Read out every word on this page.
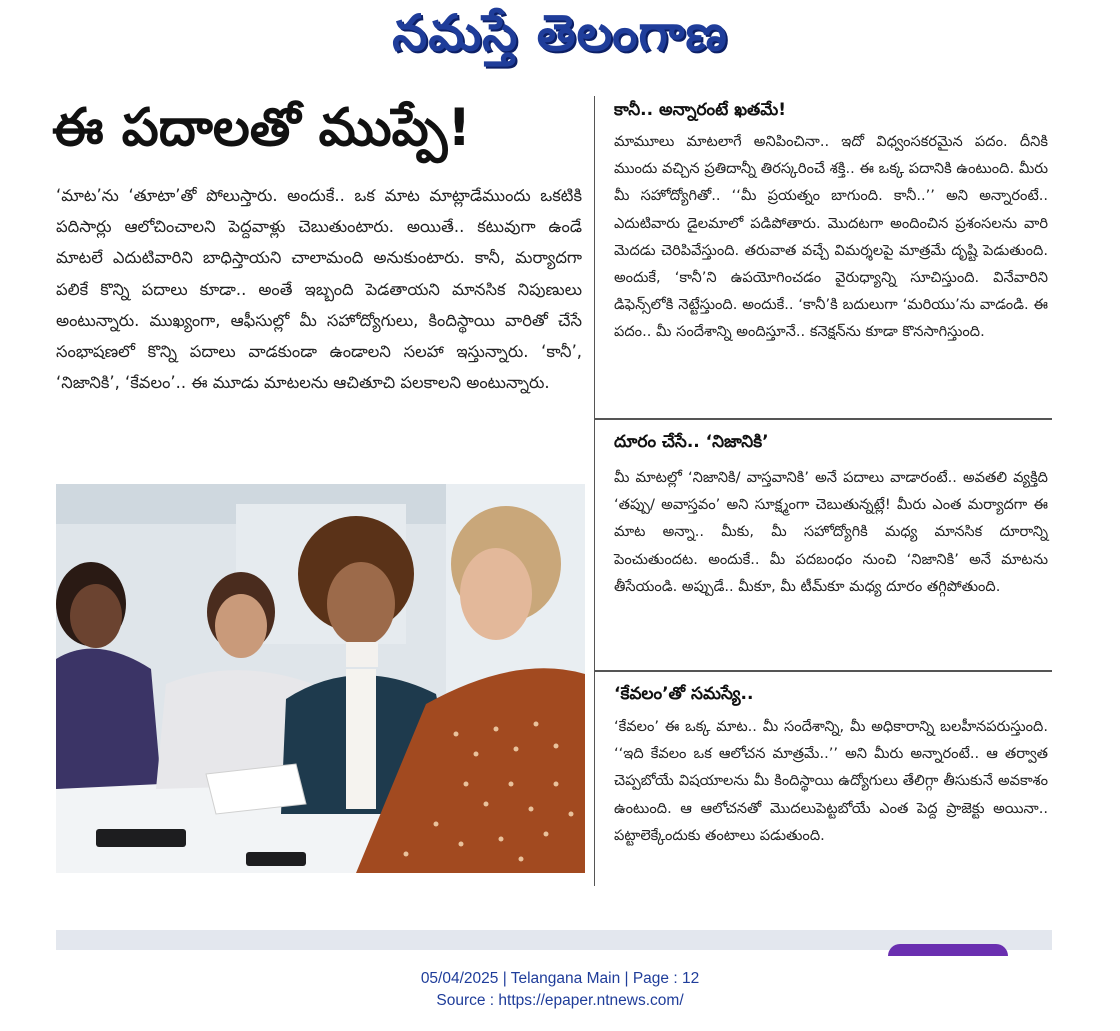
నమస్తే తెలంగాణ
ఈ పదాలతో ముప్పే!
‘మాట’ను ‘తూటా’తో పోలుస్తారు. అందుకే.. ఒక మాట మాట్లాడేముందు ఒకటికి పదిసార్లు ఆలోచించాలని పెద్దవాళ్లు చెబుతుంటారు. అయితే.. కటువుగా ఉండే మాటలే ఎదుటివారిని బాధిస్తాయని చాలామంది అనుకుంటారు. కానీ, మర్యాదగా పలికే కొన్ని పదాలు కూడా.. అంతే ఇబ్బంది పెడతాయని మానసిక నిపుణులు అంటున్నారు. ముఖ్యంగా, ఆఫీసుల్లో మీ సహోద్యోగులు, కిందిస్థాయి వారితో చేసే సంభాషణలో కొన్ని పదాలు వాడకుండా ఉండాలని సలహా ఇస్తున్నారు. ‘కానీ’, ‘నిజానికి’, ‘కేవలం’.. ఈ మూడు మాటలను ఆచితూచి పలకాలని అంటున్నారు.
కానీ.. అన్నారంటే ఖతమే!
మామూలు మాటలాగే అనిపించినా.. ఇదో విధ్వంసకరమైన పదం. దీనికి ముందు వచ్చిన ప్రతిదాన్నీ తిరస్కరించే శక్తి.. ఈ ఒక్క పదానికి ఉంటుంది. మీరు మీ సహోద్యోగితో.. ‘‘మీ ప్రయత్నం బాగుంది. కానీ..’’ అని అన్నారంటే.. ఎదుటివారు డైలమాలో పడిపోతారు. మొదటగా అందించిన ప్రశంసలను వారి మెదడు చెరిపివేస్తుంది. తరువాత వచ్చే విమర్శలపై మాత్రమే దృష్టి పెడుతుంది. అందుకే, ‘కానీ’ని ఉపయోగించడం వైరుధ్యాన్ని సూచిస్తుంది. వినేవారిని డిఫెన్స్‌లోకి నెట్టేస్తుంది. అందుకే.. ‘కానీ’కి బదులుగా ‘మరియు’ను వాడండి. ఈ పదం.. మీ సందేశాన్ని అందిస్తూనే.. కనెక్షన్‌ను కూడా కొనసాగిస్తుంది.
దూరం చేసే.. ‘నిజానికి’
మీ మాటల్లో ‘నిజానికి/ వాస్తవానికి’ అనే పదాలు వాడారంటే.. అవతలి వ్యక్తిది ‘తప్పు/ అవాస్తవం’ అని సూక్ష్మంగా చెబుతున్నట్లే! మీరు ఎంత మర్యాదగా ఈ మాట అన్నా.. మీకు, మీ సహోద్యోగికి మధ్య మానసిక దూరాన్ని పెంచుతుందట. అందుకే.. మీ పదబంధం నుంచి ‘నిజానికి’ అనే మాటను తీసేయండి. అప్పుడే.. మీకూ, మీ టీమ్‌కూ మధ్య దూరం తగ్గిపోతుంది.
‘కేవలం’తో సమస్యే..
‘కేవలం’ ఈ ఒక్క మాట.. మీ సందేశాన్ని, మీ అధికారాన్ని బలహీనపరుస్తుంది. ‘‘ఇది కేవలం ఒక ఆలోచన మాత్రమే..’’ అని మీరు అన్నారంటే.. ఆ తర్వాత చెప్పబోయే విషయాలను మీ కిందిస్థాయి ఉద్యోగులు తేలిగ్గా తీసుకునే అవకాశం ఉంటుంది. ఆ ఆలోచనతో మొదలుపెట్టబోయే ఎంత పెద్ద ప్రాజెక్టు అయినా.. పట్టాలెక్కేందుకు తంటాలు పడుతుంది.
05/04/2025 | Telangana Main | Page : 12
Source : https://epaper.ntnews.com/
